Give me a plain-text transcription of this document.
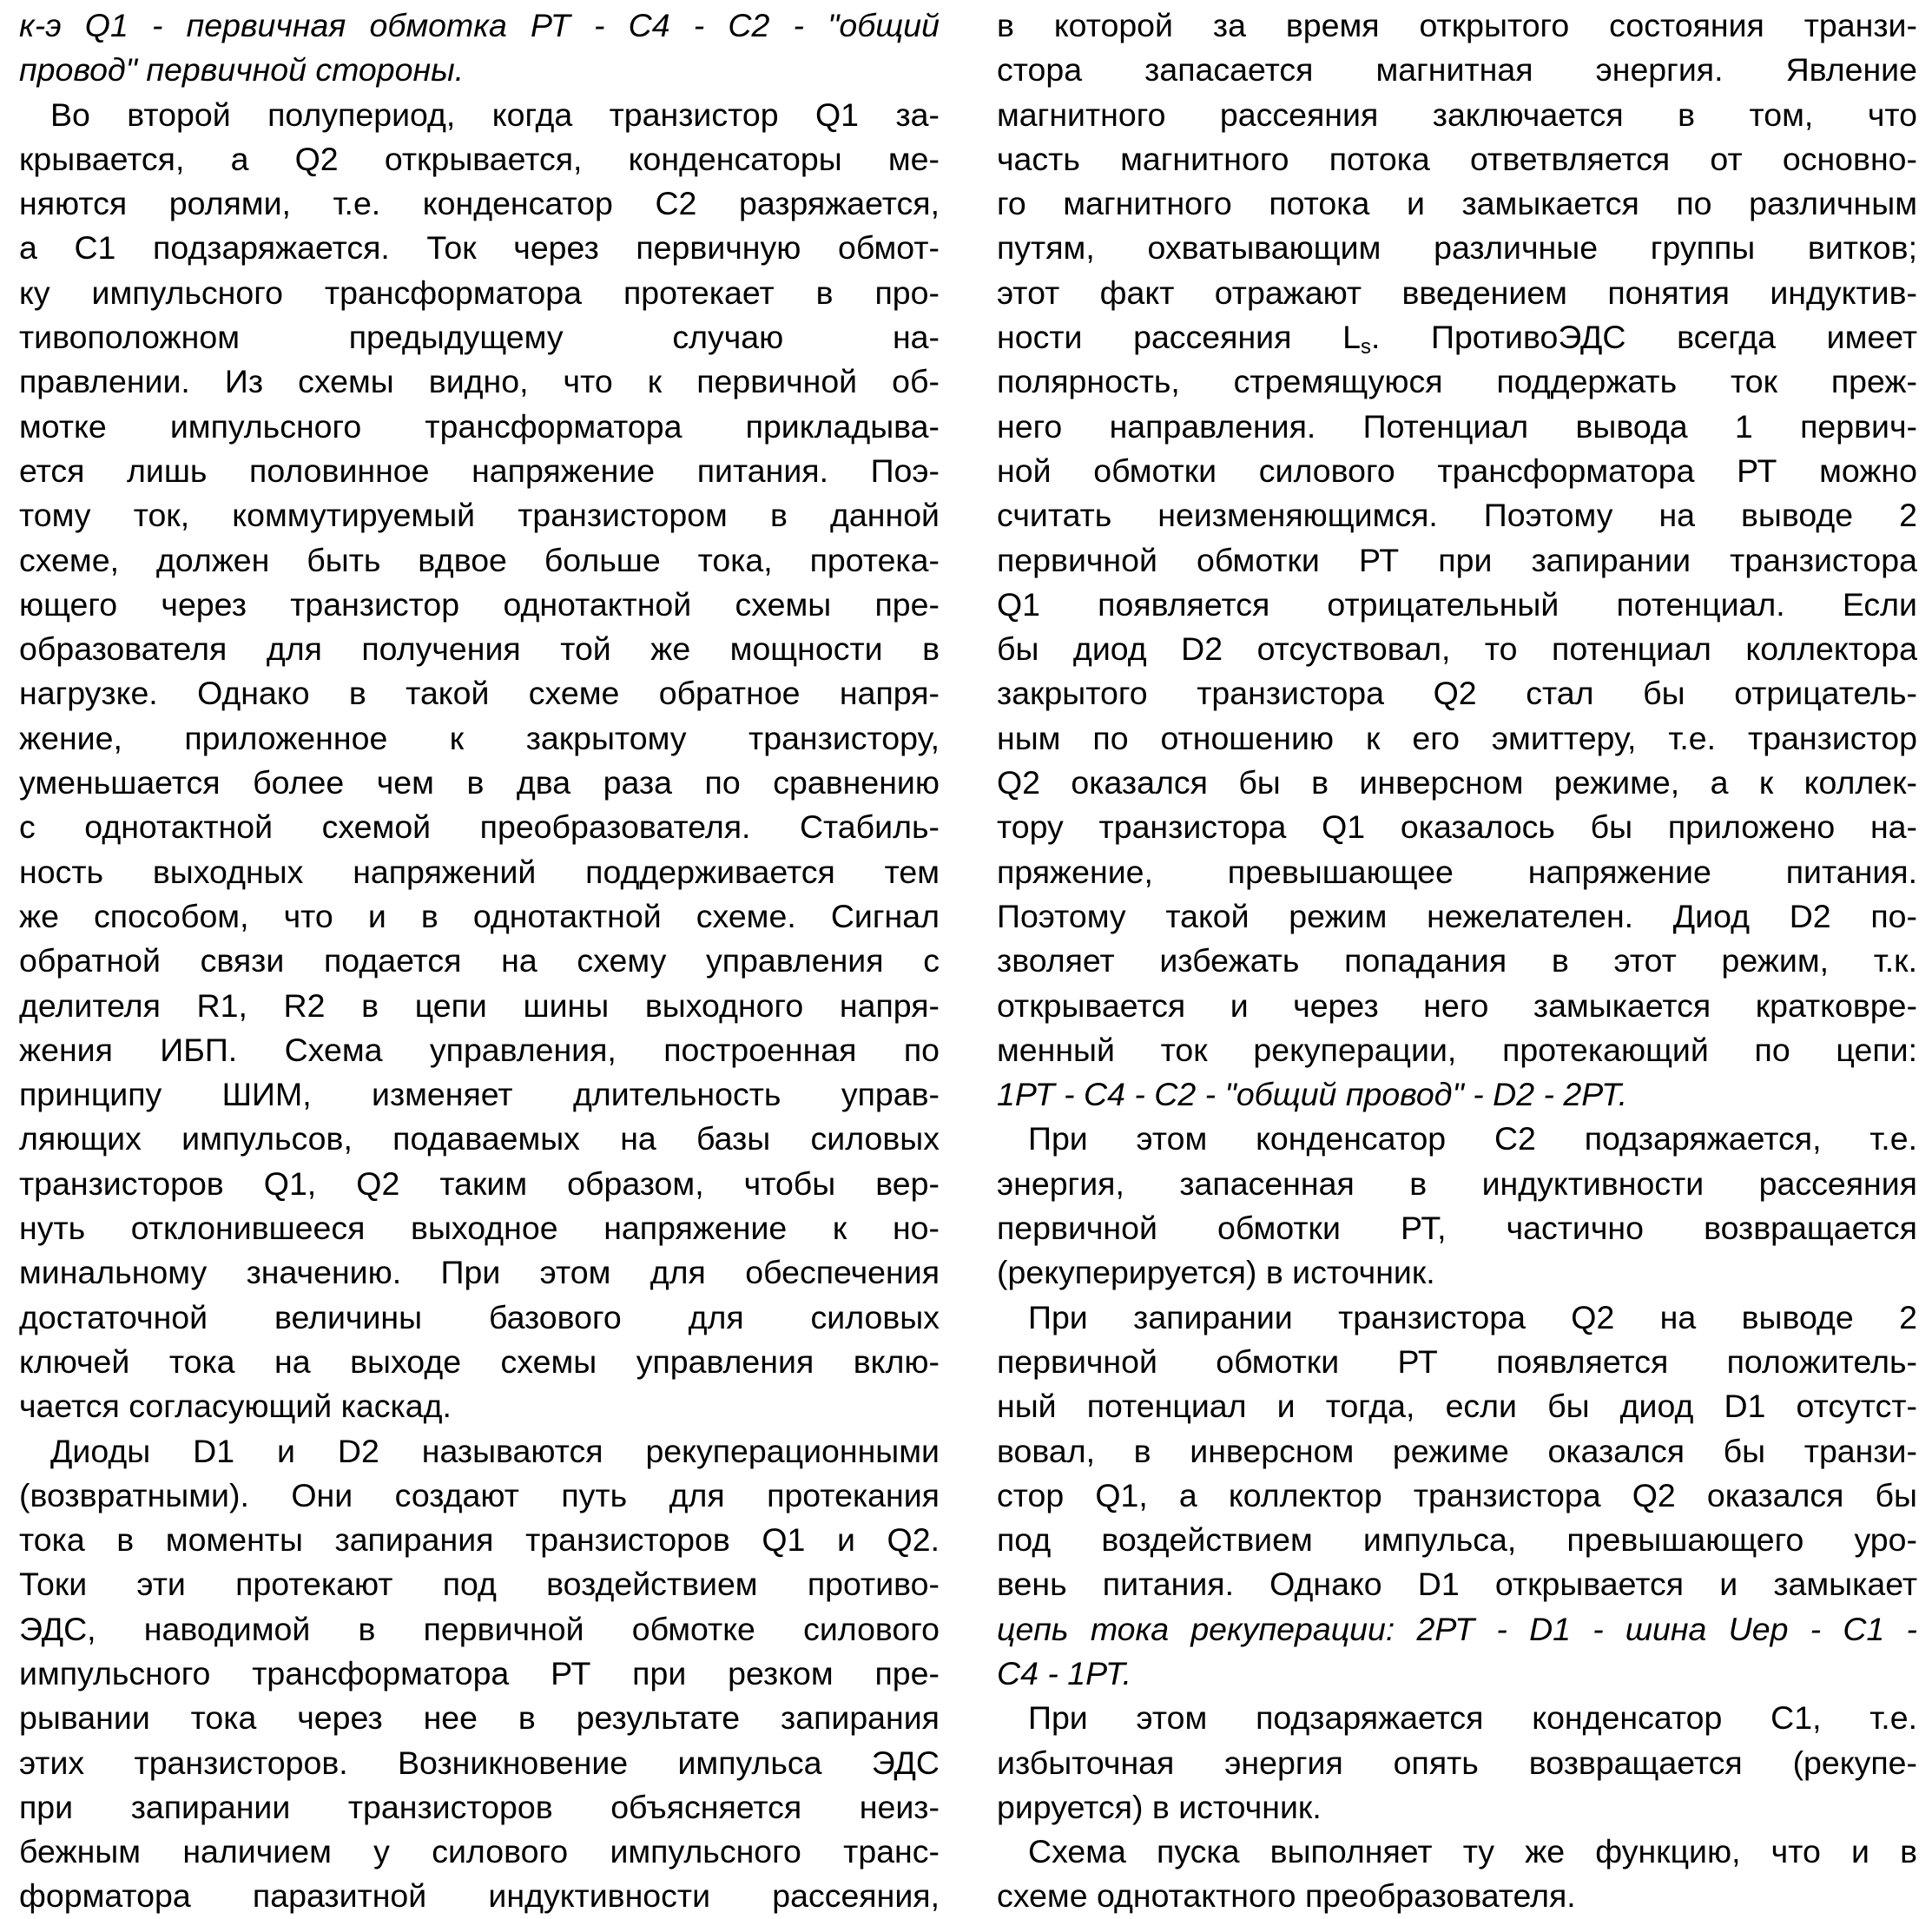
к-э Q1 - первичная обмотка РТ - С4 - С2 - "общий
провод" первичной стороны.
Во второй полупериод, когда транзистор Q1 за-
крывается, а Q2 открывается, конденсаторы ме-
няются ролями, т.е. конденсатор С2 разряжается,
а С1 подзаряжается. Ток через первичную обмот-
ку импульсного трансформатора протекает в про-
тивоположном предыдущему случаю на-
правлении. Из схемы видно, что к первичной об-
мотке импульсного трансформатора прикладыва-
ется лишь половинное напряжение питания. Поэ-
тому ток, коммутируемый транзистором в данной
схеме, должен быть вдвое больше тока, протека-
ющего через транзистор однотактной схемы пре-
образователя для получения той же мощности в
нагрузке. Однако в такой схеме обратное напря-
жение, приложенное к закрытому транзистору,
уменьшается более чем в два раза по сравнению
с однотактной схемой преобразователя. Стабиль-
ность выходных напряжений поддерживается тем
же способом, что и в однотактной схеме. Сигнал
обратной связи подается на схему управления с
делителя R1, R2 в цепи шины выходного напря-
жения ИБП. Схема управления, построенная по
принципу ШИМ, изменяет длительность управ-
ляющих импульсов, подаваемых на базы силовых
транзисторов Q1, Q2 таким образом, чтобы вер-
нуть отклонившееся выходное напряжение к но-
минальному значению. При этом для обеспечения
достаточной величины базового для силовых
ключей тока на выходе схемы управления вклю-
чается согласующий каскад.
Диоды D1 и D2 называются рекуперационными
(возвратными). Они создают путь для протекания
тока в моменты запирания транзисторов Q1 и Q2.
Токи эти протекают под воздействием противо-
ЭДС, наводимой в первичной обмотке силового
импульсного трансформатора РТ при резком пре-
рывании тока через нее в результате запирания
этих транзисторов. Возникновение импульса ЭДС
при запирании транзисторов объясняется неиз-
бежным наличием у силового импульсного транс-
форматора паразитной индуктивности рассеяния,
в которой за время открытого состояния транзи-
стора запасается магнитная энергия. Явление
магнитного рассеяния заключается в том, что
часть магнитного потока ответвляется от основно-
го магнитного потока и замыкается по различным
путям, охватывающим различные группы витков;
этот факт отражают введением понятия индуктив-
ности рассеяния $L_s$. ПротивоЭДС всегда имеет
полярность, стремящуюся поддержать ток преж-
него направления. Потенциал вывода 1 первич-
ной обмотки силового трансформатора РТ можно
считать неизменяющимся. Поэтому на выводе 2
первичной обмотки РТ при запирании транзистора
Q1 появляется отрицательный потенциал. Если
бы диод D2 отсуствовал, то потенциал коллектора
закрытого транзистора Q2 стал бы отрицатель-
ным по отношению к его эмиттеру, т.е. транзистор
Q2 оказался бы в инверсном режиме, а к коллек-
тору транзистора Q1 оказалось бы приложено на-
пряжение, превышающее напряжение питания.
Поэтому такой режим нежелателен. Диод D2 по-
зволяет избежать попадания в этот режим, т.к.
открывается и через него замыкается кратковре-
менный ток рекуперации, протекающий по цепи:
1РТ - С4 - С2 - "общий провод" - D2 - 2РТ.
При этом конденсатор С2 подзаряжается, т.е.
энергия, запасенная в индуктивности рассеяния
первичной обмотки РТ, частично возвращается
(рекуперируется) в источник.
При запирании транзистора Q2 на выводе 2
первичной обмотки РТ появляется положитель-
ный потенциал и тогда, если бы диод D1 отсутст-
вовал, в инверсном режиме оказался бы транзи-
стор Q1, а коллектор транзистора Q2 оказался бы
под воздействием импульса, превышающего уро-
вень питания. Однако D1 открывается и замыкает
цепь тока рекуперации: 2РТ - D1 - шина Uep - С1 -
С4 - 1РТ.
При этом подзаряжается конденсатор С1, т.е.
избыточная энергия опять возвращается (рекупе-
рируется) в источник.
Схема пуска выполняет ту же функцию, что и в
схеме однотактного преобразователя.
